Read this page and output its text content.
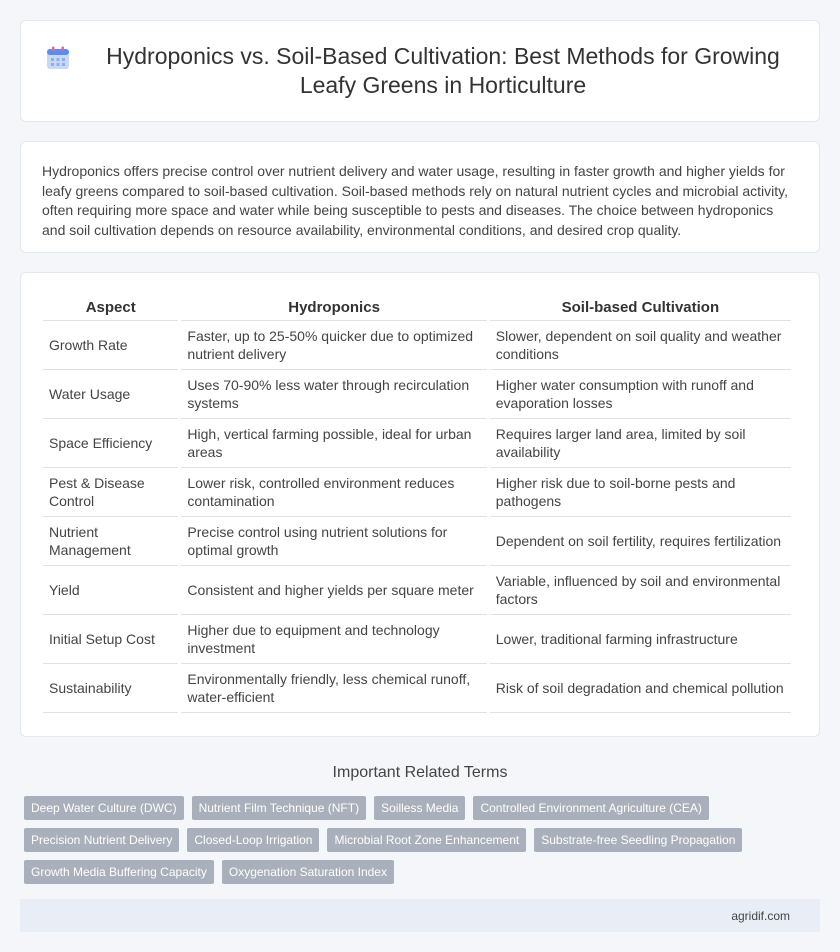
Hydroponics vs. Soil-Based Cultivation: Best Methods for Growing Leafy Greens in Horticulture

Hydroponics offers precise control over nutrient delivery and water usage, resulting in faster growth and higher yields for leafy greens compared to soil-based cultivation. Soil-based methods rely on natural nutrient cycles and microbial activity, often requiring more space and water while being susceptible to pests and diseases. The choice between hydroponics and soil cultivation depends on resource availability, environmental conditions, and desired crop quality.

Aspect	Hydroponics	Soil-based Cultivation
Growth Rate	Faster, up to 25-50% quicker due to optimized nutrient delivery	Slower, dependent on soil quality and weather conditions
Water Usage	Uses 70-90% less water through recirculation systems	Higher water consumption with runoff and evaporation losses
Space Efficiency	High, vertical farming possible, ideal for urban areas	Requires larger land area, limited by soil availability
Pest & Disease Control	Lower risk, controlled environment reduces contamination	Higher risk due to soil-borne pests and pathogens
Nutrient Management	Precise control using nutrient solutions for optimal growth	Dependent on soil fertility, requires fertilization
Yield	Consistent and higher yields per square meter	Variable, influenced by soil and environmental factors
Initial Setup Cost	Higher due to equipment and technology investment	Lower, traditional farming infrastructure
Sustainability	Environmentally friendly, less chemical runoff, water-efficient	Risk of soil degradation and chemical pollution
Important Related Terms
Deep Water Culture (DWC)	Nutrient Film Technique (NFT)	Soilless Media	Controlled Environment Agriculture (CEA)
Precision Nutrient Delivery	Closed-Loop Irrigation	Microbial Root Zone Enhancement	Substrate-free Seedling Propagation
Growth Media Buffering Capacity	Oxygenation Saturation Index
agridif.com
